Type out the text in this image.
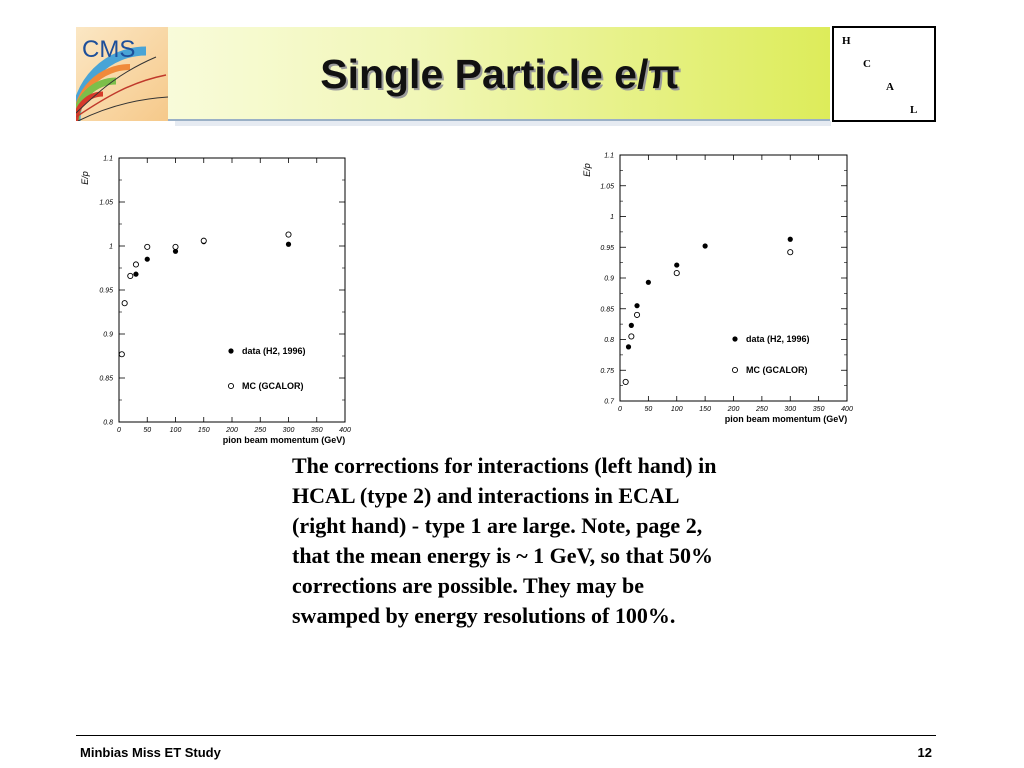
CMS
Single Particle e/π
H
C
A
L
E/p
pion beam momentum (GeV)
0	50	100 150 200 250 300 350 400
0.8
0.85
0.9
0.95
1
1.05
1.1
data (H2, 1996)
MC (GCALOR)
E/p
pion beam momentum (GeV)
0	50	100 150 200 250 300 350 400
0.7
0.75
0.8
0.85
0.9
0.95
1
1.05
1.1
data (H2, 1996)
MC (GCALOR)
The corrections for interactions (left hand) in HCAL (type 2) and interactions in ECAL (right hand) - type 1 are large. Note, page 2, that the mean energy is ~ 1 GeV, so that 50% corrections are possible. They may be swamped by energy resolutions of 100%.
Minbias Miss ET Study	12
